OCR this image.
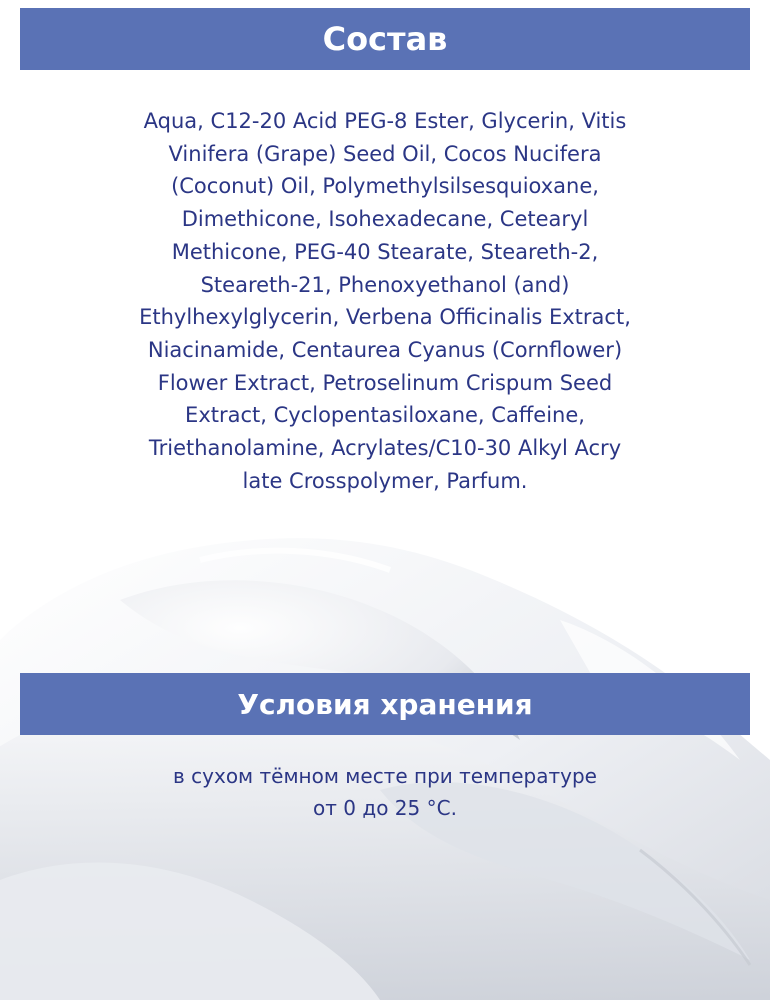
Состав
Aqua, C12-20 Acid PEG-8 Ester, Glycerin, Vitis
Vinifera (Grape) Seed Oil, Cocos Nucifera
(Coconut) Oil, Polymethylsilsesquioxane,
Dimethicone, Isohexadecane, Cetearyl
Methicone, PEG-40 Stearate, Steareth-2,
Steareth-21, Phenoxyethanol (and)
Ethylhexylglycerin, Verbena Officinalis Extract,
Niacinamide, Centaurea Cyanus (Cornflower)
Flower Extract, Petroselinum Crispum Seed
Extract, Cyclopentasiloxane, Caffeine,
Triethanolamine, Acrylates/C10-30 Alkyl Acry
late Crosspolymer, Parfum.
Условия хранения
в сухом тёмном месте при температуре
от 0 до 25 °C.
